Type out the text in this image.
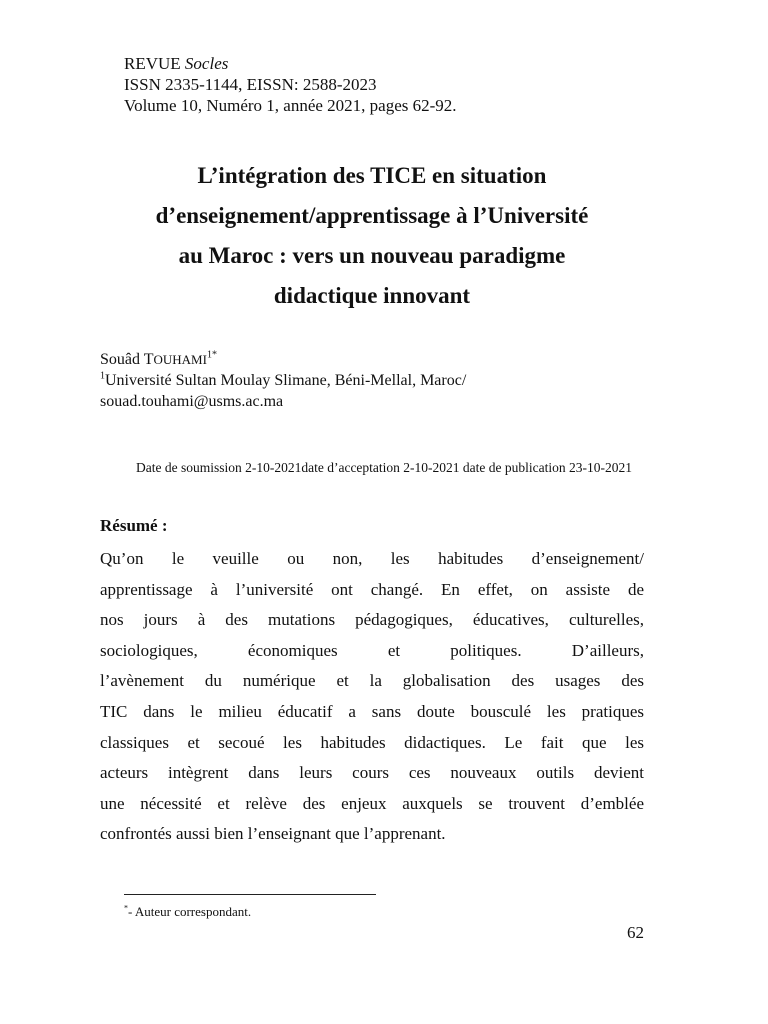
REVUE Socles
ISSN 2335-1144, EISSN: 2588-2023
Volume 10, Numéro 1, année 2021, pages 62-92.
L’intégration des TICE en situation
d’enseignement/apprentissage à l’Université
au Maroc : vers un nouveau paradigme
didactique innovant
Souâd $TOUHAMI^{1*}$
$^1$Université Sultan Moulay Slimane, Béni-Mellal, Maroc/
souad.touhami@usms.ac.ma
Date de soumission 2-10-2021date d’acceptation 2-10-2021 date de publication 23-10-2021
Résumé :
Qu’on le veuille ou non, les habitudes d’enseignement/
apprentissage à l’université ont changé. En effet, on assiste de
nos jours à des mutations pédagogiques, éducatives, culturelles,
sociologiques, économiques et politiques. D’ailleurs,
l’avènement du numérique et la globalisation des usages des
TIC dans le milieu éducatif a sans doute bousculé les pratiques
classiques et secoué les habitudes didactiques. Le fait que les
acteurs intègrent dans leurs cours ces nouveaux outils devient
une nécessité et relève des enjeux auxquels se trouvent d’emblée
confrontés aussi bien l’enseignant que l’apprenant.
*- Auteur correspondant.
62
